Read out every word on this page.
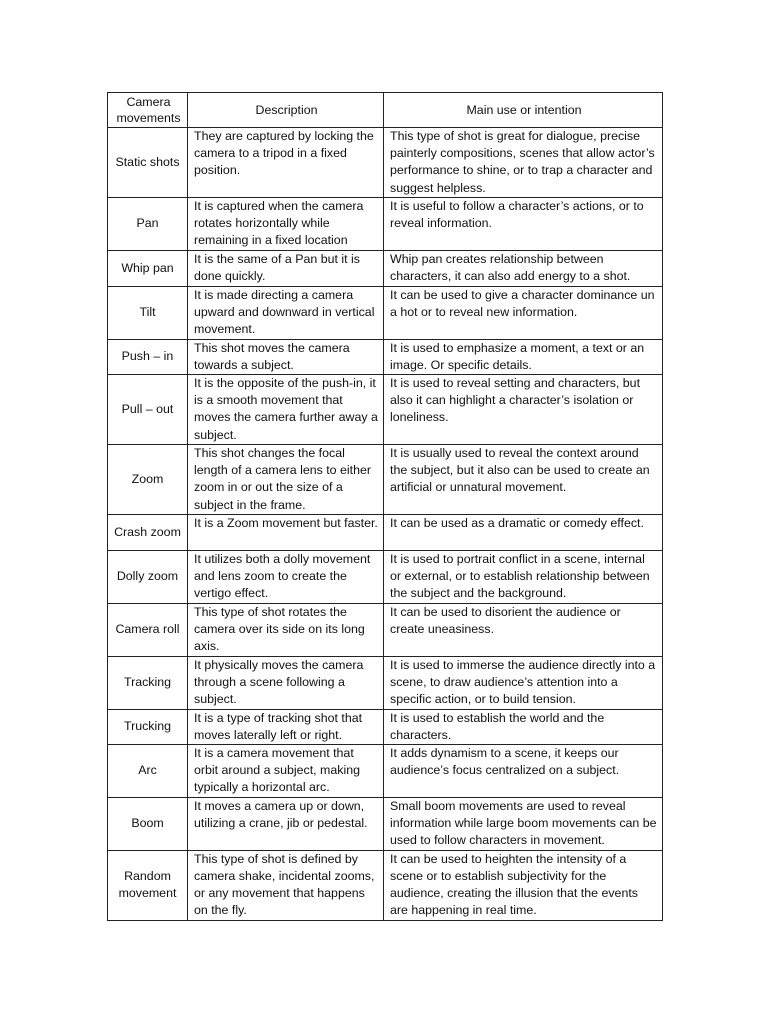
Camera movements	Description	Main use or intention
Static shots	They are captured by locking the camera to a tripod in a fixed position.	This type of shot is great for dialogue, precise painterly compositions, scenes that allow actor’s performance to shine, or to trap a character and suggest helpless.
Pan	It is captured when the camera rotates horizontally while remaining in a fixed location	It is useful to follow a character’s actions, or to reveal information.
Whip pan	It is the same of a Pan but it is done quickly.	Whip pan creates relationship between characters, it can also add energy to a shot.
Tilt	It is made directing a camera upward and downward in vertical movement.	It can be used to give a character dominance un a hot or to reveal new information.
Push – in	This shot moves the camera towards a subject.	It is used to emphasize a moment, a text or an image. Or specific details.
Pull – out	It is the opposite of the push-in, it is a smooth movement that moves the camera further away a subject.	It is used to reveal setting and characters, but also it can highlight a character’s isolation or loneliness.
Zoom	This shot changes the focal length of a camera lens to either zoom in or out the size of a subject in the frame.	It is usually used to reveal the context around the subject, but it also can be used to create an artificial or unnatural movement.
Crash zoom	It is a Zoom movement but faster.	It can be used as a dramatic or comedy effect.
Dolly zoom	It utilizes both a dolly movement and lens zoom to create the vertigo effect.	It is used to portrait conflict in a scene, internal or external, or to establish relationship between the subject and the background.
Camera roll	This type of shot rotates the camera over its side on its long axis.	It can be used to disorient the audience or create uneasiness.
Tracking	It physically moves the camera through a scene following a subject.	It is used to immerse the audience directly into a scene, to draw audience’s attention into a specific action, or to build tension.
Trucking	It is a type of tracking shot that moves laterally left or right.	It is used to establish the world and the characters.
Arc	It is a camera movement that orbit around a subject, making typically a horizontal arc.	It adds dynamism to a scene, it keeps our audience’s focus centralized on a subject.
Boom	It moves a camera up or down, utilizing a crane, jib or pedestal.	Small boom movements are used to reveal information while large boom movements can be used to follow characters in movement.
Random movement	This type of shot is defined by camera shake, incidental zooms, or any movement that happens on the fly.	It can be used to heighten the intensity of a scene or to establish subjectivity for the audience, creating the illusion that the events are happening in real time.
